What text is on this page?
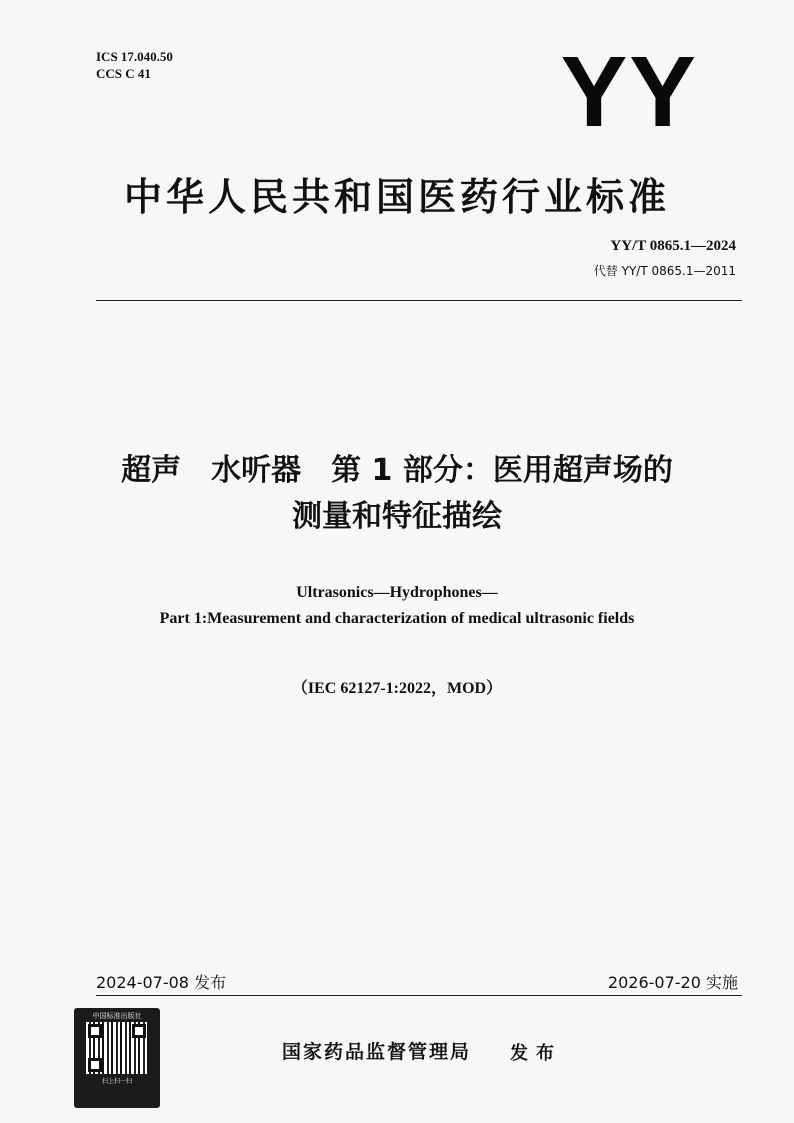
ICS 17.040.50
CCS C 41	YY
中华人民共和国医药行业标准
YY/T 0865.1—2024
代替 YY/T 0865.1—2011
超声 水听器 第 1 部分：医用超声场的
测量和特征描绘
Ultrasonics—Hydrophones—
Part 1:Measurement and characterization of medical ultrasonic fields
（IEC 62127-1:2022，MOD）
2024-07-08 发布	2026-07-20 实施
中国标准出版社
扫上扫一扫
国家药品监督管理局 发布
